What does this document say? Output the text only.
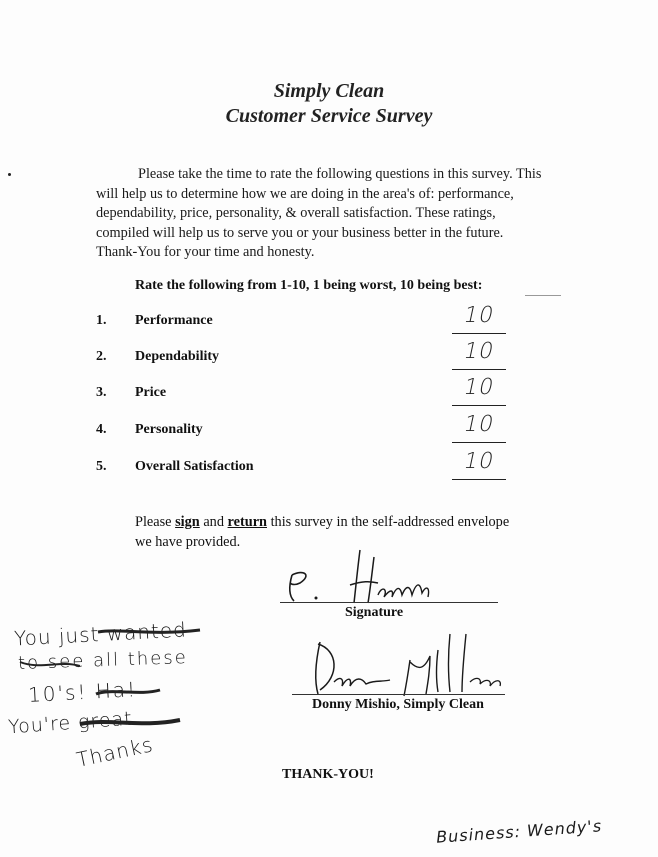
Simply Clean
Customer Service Survey
Please take the time to rate the following questions in this survey. This
will help us to determine how we are doing in the area's of: performance,
dependability, price, personality, & overall satisfaction. These ratings,
compiled will help us to serve you or your business better in the future.
Thank-You for your time and honesty.
Rate the following from 1-10, 1 being worst, 10 being best:
1. Performance	10
2. Dependability	10
3. Price	10
4. Personality	10
5. Overall Satisfaction	10
Please sign and return this survey in the self-addressed envelope
we have provided.
Signature
Donny Mishio, Simply Clean
THANK-YOU!
You just wanted
to see all these
10's! Ha!
You're great
Thanks
Business: Wendy's
